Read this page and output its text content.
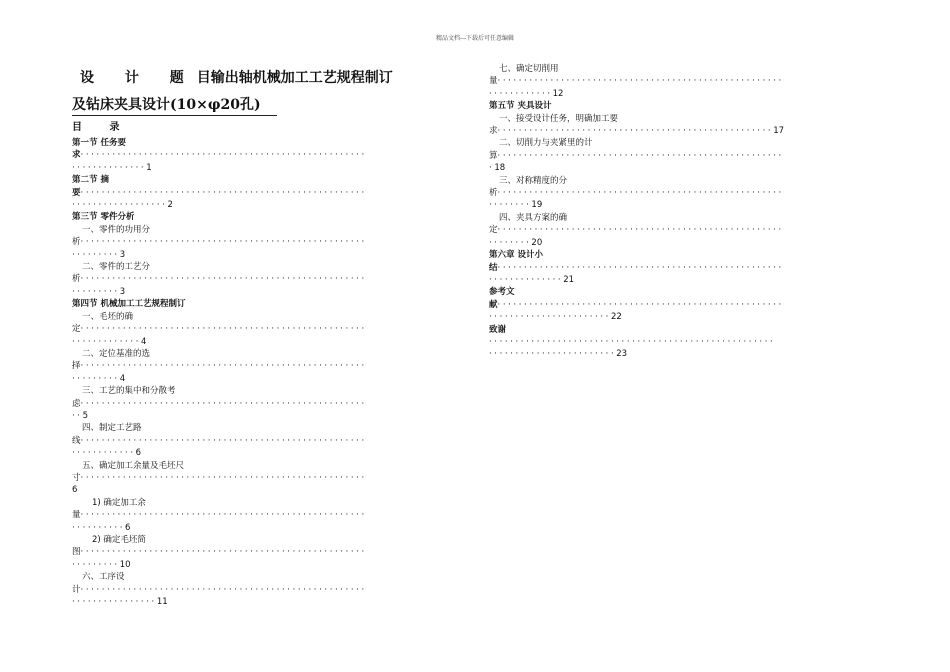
精品文档---下载后可任意编辑
设 计 题目输出轴机械加工工艺规程制订
及钻床夹具设计(10×φ20孔)
目 录
第一节 任务要
求······················································
··············1
第二节 摘
要······················································
··················2
第三节 零件分析
一、零件的功用分
析······················································
·········3
二、零件的工艺分
析······················································
·········3
第四节 机械加工工艺规程制订
一、毛坯的确
定······················································
·············4
二、定位基准的选
择······················································
·········4
三、工艺的集中和分散考
虑······················································
··5
四、制定工艺路
线······················································
············6
五、确定加工余量及毛坯尺
寸······················································
6
1) 确定加工余
量······················································
··········6
2) 确定毛坯简
图······················································
·········10
六、工序设
计······················································
················11
七、确定切削用
量······················································
············12
第五节 夹具设计
一、接受设计任务，明确加工要
求····················································17
二、切削力与夹紧里的计
算······················································
·18
三、对称精度的分
析······················································
········19
四、夹具方案的确
定······················································
········20
第六章 设计小
结······················································
··············21
参考文
献······················································
·······················22
致谢
······················································
························23
